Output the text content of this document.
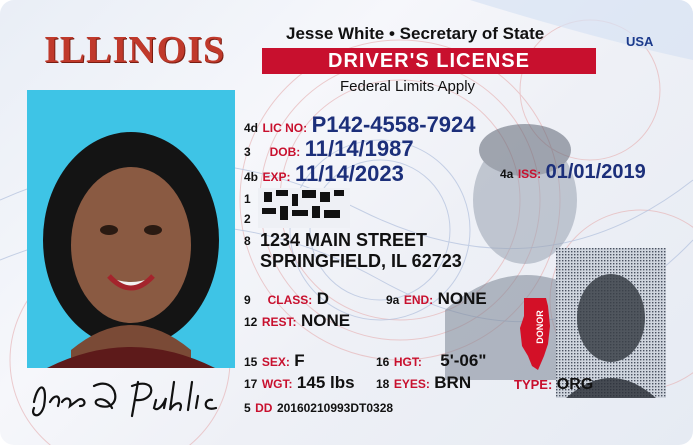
ILLINOIS	Jesse White • Secretary of State
DRIVER'S LICENSE
Federal Limits Apply
USA
4d LIC NO: P142-4558-7924
3 DOB: 11/14/1987
4b EXP: 11/14/2023	4a ISS: 01/01/2019
1
2
8 1234 MAIN STREET
SPRINGFIELD, IL 62723
9 CLASS: D	9a END: NONE
12 REST: NONE
15 SEX: F	16 HGT: 5'-06"
17 WGT: 145 lbs 18 EYES: BRN
5 DD 20160210993DT0328
DONOR
TYPE: ORG
